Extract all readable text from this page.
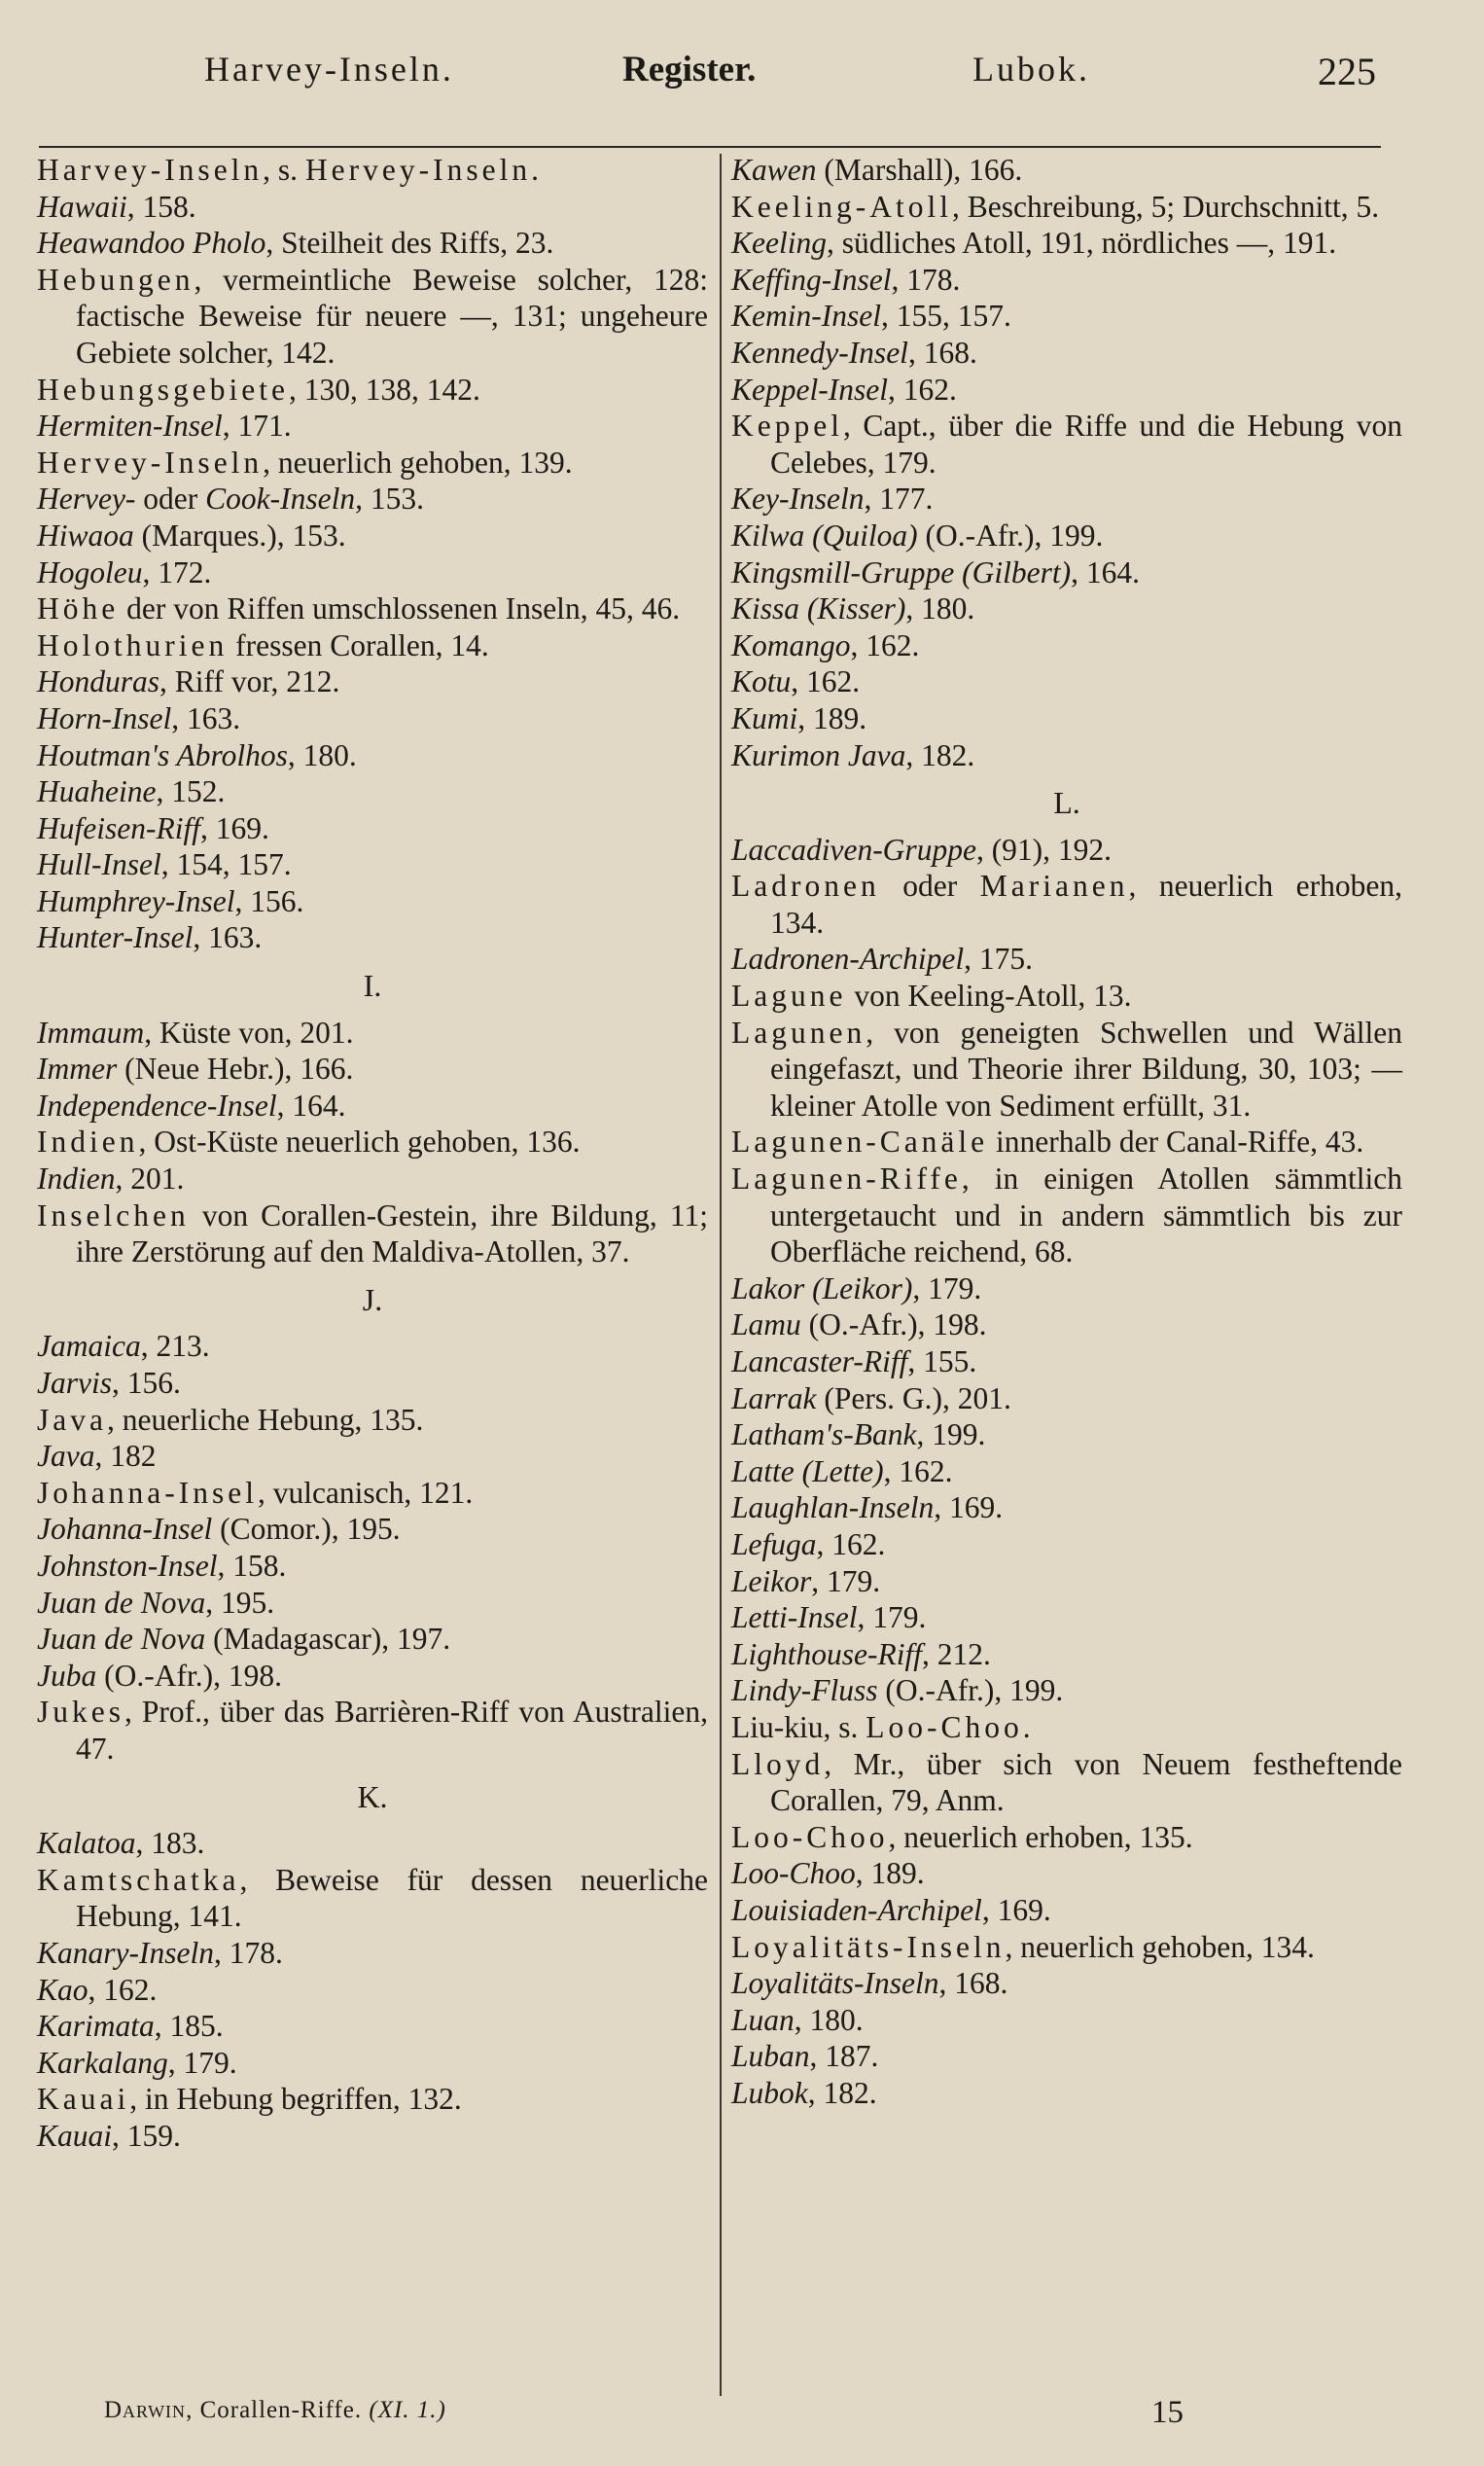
Harvey-Inseln.	Register.	Lubok.	225
Harvey-Inseln, s. Hervey-Inseln.
Hawaii, 158.
Heawandoo Pholo, Steilheit des Riffs, 23.
Hebungen, vermeintliche Beweise solcher, 128: factische Beweise für neuere —, 131; ungeheure Gebiete solcher, 142.
Hebungsgebiete, 130, 138, 142.
Hermiten-Insel, 171.
Hervey-Inseln, neuerlich gehoben, 139.
Hervey- oder Cook-Inseln, 153.
Hiwaoa (Marques.), 153.
Hogoleu, 172.
Höhe der von Riffen umschlossenen Inseln, 45, 46.
Holothurien fressen Corallen, 14.
Honduras, Riff vor, 212.
Horn-Insel, 163.
Houtman's Abrolhos, 180.
Huaheine, 152.
Hufeisen-Riff, 169.
Hull-Insel, 154, 157.
Humphrey-Insel, 156.
Hunter-Insel, 163.
I.
Immaum, Küste von, 201.
Immer (Neue Hebr.), 166.
Independence-Insel, 164.
Indien, Ost-Küste neuerlich gehoben, 136.
Indien, 201.
Inselchen von Corallen-Gestein, ihre Bildung, 11; ihre Zerstörung auf den Maldiva-Atollen, 37.
J.
Jamaica, 213.
Jarvis, 156.
Java, neuerliche Hebung, 135.
Java, 182
Johanna-Insel, vulcanisch, 121.
Johanna-Insel (Comor.), 195.
Johnston-Insel, 158.
Juan de Nova, 195.
Juan de Nova (Madagascar), 197.
Juba (O.-Afr.), 198.
Jukes, Prof., über das Barrièren-Riff von Australien, 47.
K.
Kalatoa, 183.
Kamtschatka, Beweise für dessen neuerliche Hebung, 141.
Kanary-Inseln, 178.
Kao, 162.
Karimata, 185.
Karkalang, 179.
Kauai, in Hebung begriffen, 132.
Kauai, 159.
Kawen (Marshall), 166.
Keeling-Atoll, Beschreibung, 5; Durchschnitt, 5.
Keeling, südliches Atoll, 191, nördliches —, 191.
Keffing-Insel, 178.
Kemin-Insel, 155, 157.
Kennedy-Insel, 168.
Keppel-Insel, 162.
Keppel, Capt., über die Riffe und die Hebung von Celebes, 179.
Key-Inseln, 177.
Kilwa (Quiloa) (O.-Afr.), 199.
Kingsmill-Gruppe (Gilbert), 164.
Kissa (Kisser), 180.
Komango, 162.
Kotu, 162.
Kumi, 189.
Kurimon Java, 182.
L.
Laccadiven-Gruppe, (91), 192.
Ladronen oder Marianen, neuerlich erhoben, 134.
Ladronen-Archipel, 175.
Lagune von Keeling-Atoll, 13.
Lagunen, von geneigten Schwellen und Wällen eingefaszt, und Theorie ihrer Bildung, 30, 103; — kleiner Atolle von Sediment erfüllt, 31.
Lagunen-Canäle innerhalb der Canal-Riffe, 43.
Lagunen-Riffe, in einigen Atollen sämmtlich untergetaucht und in andern sämmtlich bis zur Oberfläche reichend, 68.
Lakor (Leikor), 179.
Lamu (O.-Afr.), 198.
Lancaster-Riff, 155.
Larrak (Pers. G.), 201.
Latham's-Bank, 199.
Latte (Lette), 162.
Laughlan-Inseln, 169.
Lefuga, 162.
Leikor, 179.
Letti-Insel, 179.
Lighthouse-Riff, 212.
Lindy-Fluss (O.-Afr.), 199.
Liu-kiu, s. Loo-Choo.
Lloyd, Mr., über sich von Neuem festheftende Corallen, 79, Anm.
Loo-Choo, neuerlich erhoben, 135.
Loo-Choo, 189.
Louisiaden-Archipel, 169.
Loyalitäts-Inseln, neuerlich gehoben, 134.
Loyalitäts-Inseln, 168.
Luan, 180.
Luban, 187.
Lubok, 182.
Darwin, Corallen-Riffe. (XI. 1.)	15
